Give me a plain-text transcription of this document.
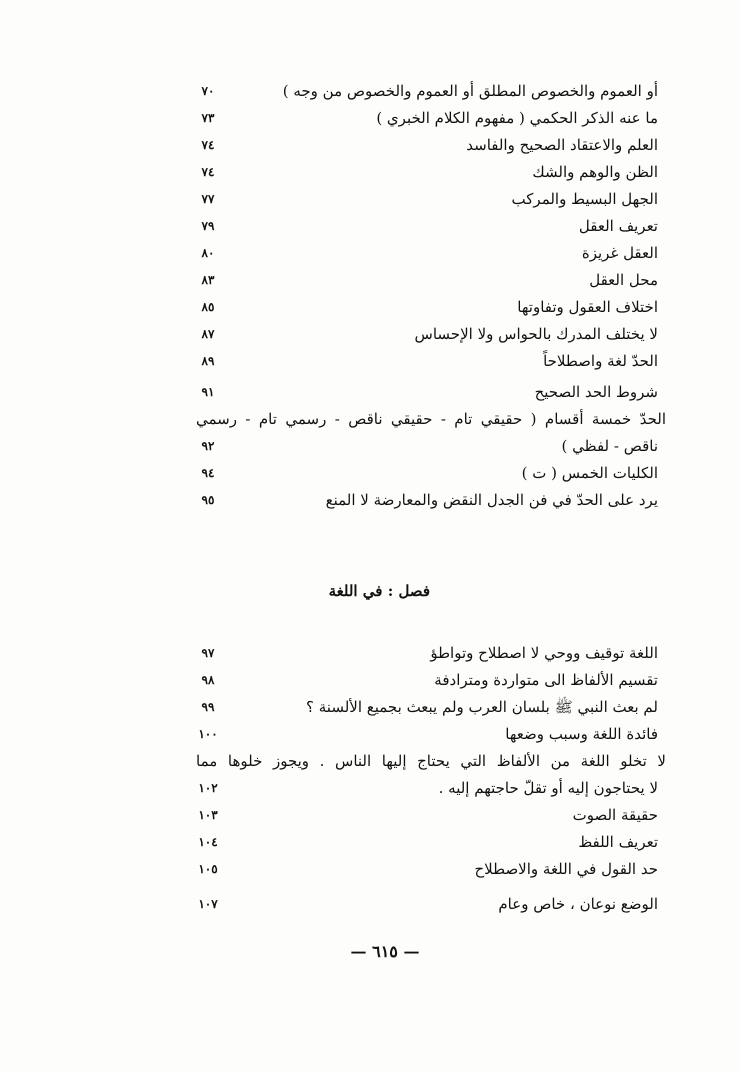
أو العموم والخصوص المطلق أو العموم والخصوص من وجه )
٧٠
ما عنه الذكر الحكمي ( مفهوم الكلام الخبري )
٧٣
العلم والاعتقاد الصحيح والفاسد
٧٤
الظن والوهم والشك
٧٤
الجهل البسيط والمركب
٧٧
تعريف العقل
٧٩
العقل غريزة
٨٠
محل العقل
٨٣
اختلاف العقول وتفاوتها
٨٥
لا يختلف المدرك بالحواس ولا الإحساس
٨٧
الحدّ لغة واصطلاحاً
٨٩
شروط الحد الصحيح
٩١
الحدّ خمسة أقسام ( حقيقي تام - حقيقي ناقص - رسمي تام - رسمي
ناقص - لفظي )
٩٢
الكليات الخمس ( ت )
٩٤
يرد على الحدّ في فن الجدل النقض والمعارضة لا المنع
٩٥
فصل : في اللغة
اللغة توقيف ووحي لا اصطلاح وتواطؤ
٩٧
تقسيم الألفاظ الى متواردة ومترادفة
٩٨
لم بعث النبي ﷺ بلسان العرب ولم يبعث بجميع الألسنة ؟
٩٩
فائدة اللغة وسبب وضعها
١٠٠
لا تخلو اللغة من الألفاظ التي يحتاج إليها الناس . ويجوز خلوها مما
لا يحتاجون إليه أو تقلّ حاجتهم إليه .
١٠٢
حقيقة الصوت
١٠٣
تعريف اللفظ
١٠٤
حد القول في اللغة والاصطلاح
١٠٥
الوضع نوعان ، خاص وعام
١٠٧
— ٦١٥ —
